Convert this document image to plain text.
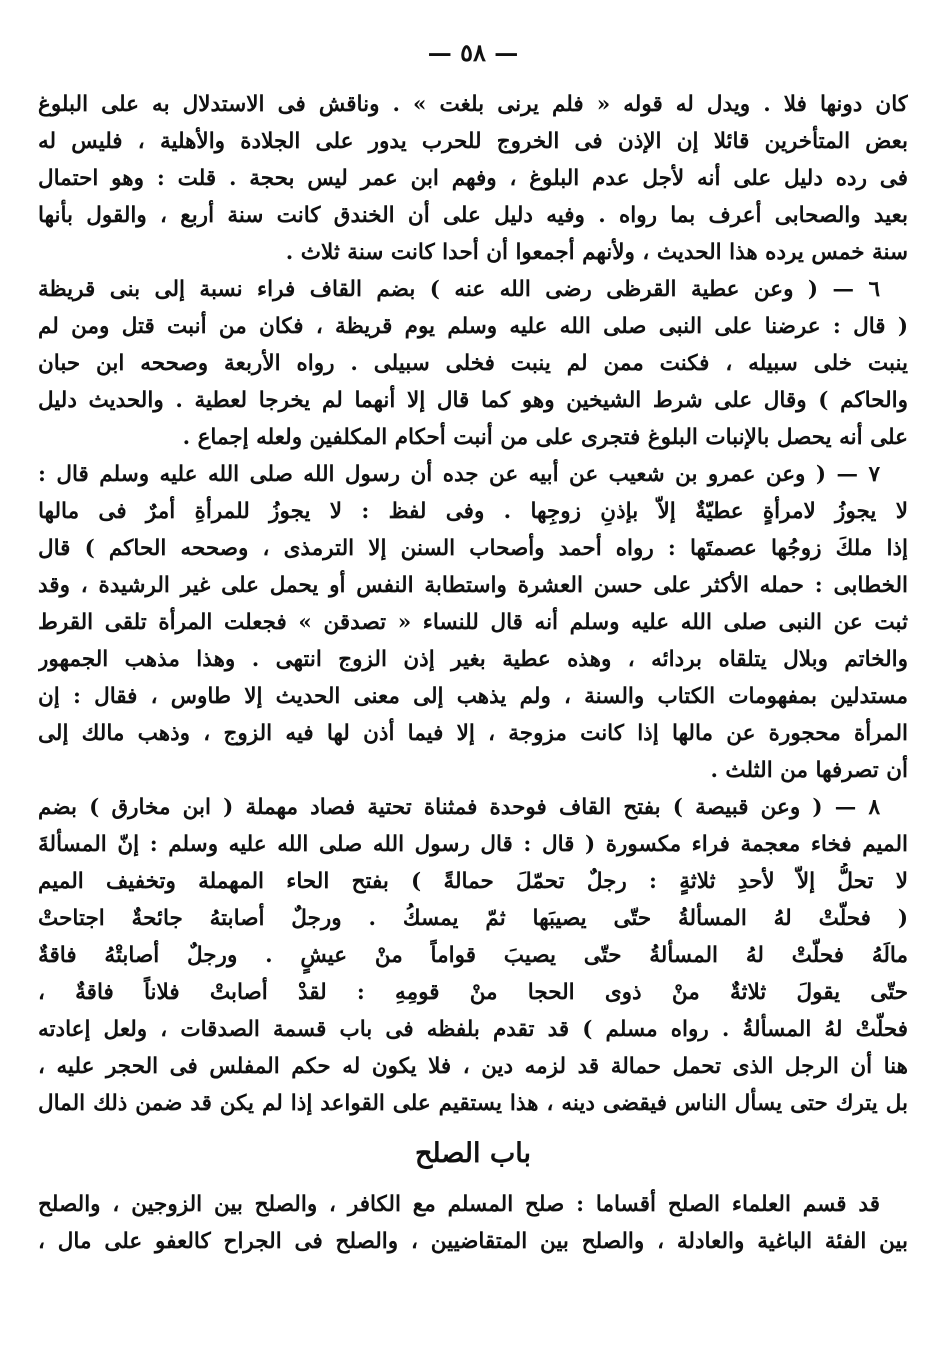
— ٥٨ —
كان دونها فلا . ويدل له قوله « فلم يرنى بلغت » . وناقش فى الاستدلال به على البلوغ
بعض المتأخرين قائلا إن الإذن فى الخروج للحرب يدور على الجلادة والأهلية ، فليس له
فى رده دليل على أنه لأجل عدم البلوغ ، وفهم ابن عمر ليس بحجة . قلت : وهو احتمال
بعيد والصحابى أعرف بما رواه . وفيه دليل على أن الخندق كانت سنة أربع ، والقول بأنها
سنة خمس يرده هذا الحديث ، ولأنهم أجمعوا أن أحدا كانت سنة ثلاث .
٦ — ( وعن عطية القرظى رضى الله عنه ) بضم القاف فراء نسبة إلى بنى قريظة
( قال : عرضنا على النبى صلى الله عليه وسلم يوم قريظة ، فكان من أنبت قتل ومن لم
ينبت خلى سبيله ، فكنت ممن لم ينبت فخلى سبيلى . رواه الأربعة وصححه ابن حبان
والحاكم ) وقال على شرط الشيخين وهو كما قال إلا أنهما لم يخرجا لعطية . والحديث دليل
على أنه يحصل بالإنبات البلوغ فتجرى على من أنبت أحكام المكلفين ولعله إجماع .
٧ — ( وعن عمرو بن شعيب عن أبيه عن جده أن رسول الله صلى الله عليه وسلم قال :
لا يجوزُ لامرأةٍ عطيّةٌ إلاّ بإذنِ زوجِها . وفى لفظ : لا يجوزُ للمرأةِ أمرٌ فى مالها
إذا ملكَ زوجُها عصمتَها : رواه أحمد وأصحاب السنن إلا الترمذى ، وصححه الحاكم ) قال
الخطابى : حمله الأكثر على حسن العشرة واستطابة النفس أو يحمل على غير الرشيدة ، وقد
ثبت عن النبى صلى الله عليه وسلم أنه قال للنساء « تصدقن » فجعلت المرأة تلقى القرط
والخاتم وبلال يتلقاه بردائه ، وهذه عطية بغير إذن الزوج انتهى . وهذا مذهب الجمهور
مستدلين بمفهومات الكتاب والسنة ، ولم يذهب إلى معنى الحديث إلا طاوس ، فقال : إن
المرأة محجورة عن مالها إذا كانت مزوجة ، إلا فيما أذن لها فيه الزوج ، وذهب مالك إلى
أن تصرفها من الثلث .
٨ — ( وعن قبيصة ) بفتح القاف فوحدة فمثناة تحتية فصاد مهملة ( ابن مخارق ) بضم
الميم فخاء معجمة فراء مكسورة ( قال : قال رسول الله صلى الله عليه وسلم : إنّ المسألةَ
لا تحلُّ إلاّ لأحدِ ثلاثةٍ : رجلٌ تحمّلَ حمالةً ) بفتح الحاء المهملة وتخفيف الميم
( فحلّتْ لهُ المسألةُ حتّى يصيبَها ثمّ يمسكُ . ورجلٌ أصابتهُ جائحةٌ اجتاحتْ
مالَهُ فحلّتْ لهُ المسألةُ حتّى يصيبَ قواماً منْ عيشٍ . ورجلٌ أصابتْهُ فاقةٌ
حتّى يقولَ ثلاثةٌ منْ ذوى الحجا منْ قومِهِ : لقدْ أصابتْ فلاناً فاقةٌ ،
فحلّتْ لهُ المسألةُ . رواه مسلم ) قد تقدم بلفظه فى باب قسمة الصدقات ، ولعل إعادته
هنا أن الرجل الذى تحمل حمالة قد لزمه دين ، فلا يكون له حكم المفلس فى الحجر عليه ،
بل يترك حتى يسأل الناس فيقضى دينه ، هذا يستقيم على القواعد إذا لم يكن قد ضمن ذلك المال
باب الصلح
قد قسم العلماء الصلح أقساما : صلح المسلم مع الكافر ، والصلح بين الزوجين ، والصلح
بين الفئة الباغية والعادلة ، والصلح بين المتقاضيين ، والصلح فى الجراح كالعفو على مال ،
